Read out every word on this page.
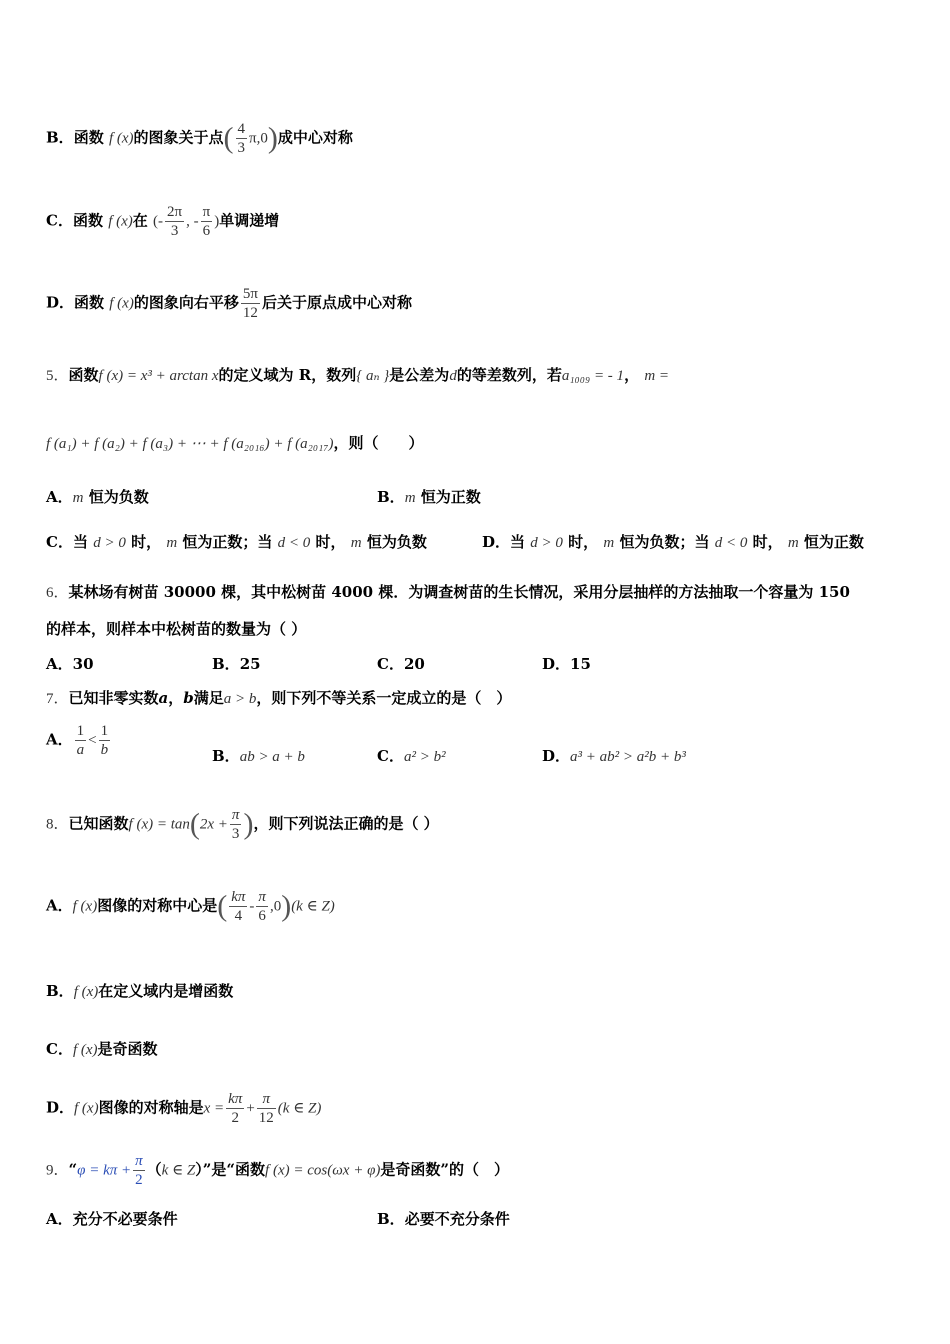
B．函数 f (x)的图象关于点( $\frac{4}{3} \pi,0$)成中心对称
C．函数 f (x)在 (- $\frac{2\pi}{3}$ , - $\frac{\pi}{6}$ )单调递增
D．函数 f (x)的图象向右平移 $\frac{5\pi}{12}$ 后关于原点成中心对称
5．函数f (x) = x³ + arctan x的定义域为 R，数列{ aₙ }是公差为d的等差数列，若a₁₀₀₉ = - 1， m =
f (a₁) + f (a₂) + f (a₃) + ⋯ + f (a₂₀₁₆) + f (a₂₀₁₇)，则（　　）
A．m 恒为负数	B．m 恒为正数
C．当 d > 0 时， m 恒为正数；当 d < 0 时， m 恒为负数	D．当 d > 0 时， m 恒为负数；当 d < 0 时， m 恒为正数
6．某林场有树苗 30000 棵，其中松树苗 4000 棵．为调查树苗的生长情况，采用分层抽样的方法抽取一个容量为 150
的样本，则样本中松树苗的数量为（ ）
A．30	B．25	C．20	D．15
7．已知非零实数a，b满足a > b，则下列不等关系一定成立的是（　）
A． $\frac{1}{a} < \frac{1}{b}$	B．ab > a + b	C．a² > b²	D．a³ + ab² > a²b + b³
8．已知函数f $(x) = \tan(2x + \frac{\pi}{3}$ )，则下列说法正确的是（ ）
A．f (x)图像的对称中心是( $\frac{k\pi}{4} - \frac{\pi}{6} ,0)(k$ ∈ Z)
B．f (x)在定义域内是增函数
C．f (x)是奇函数
D．f (x)图像的对称轴是$x = \frac{k\pi}{2} + \frac{\pi}{12} (k$ ∈ Z)
9．“$\varphi = k\pi + \frac{\pi}{2} (k$ ∈ Z）”是“函数f (x) = cos(ωx + φ)是奇函数”的（　）
A．充分不必要条件	B．必要不充分条件
